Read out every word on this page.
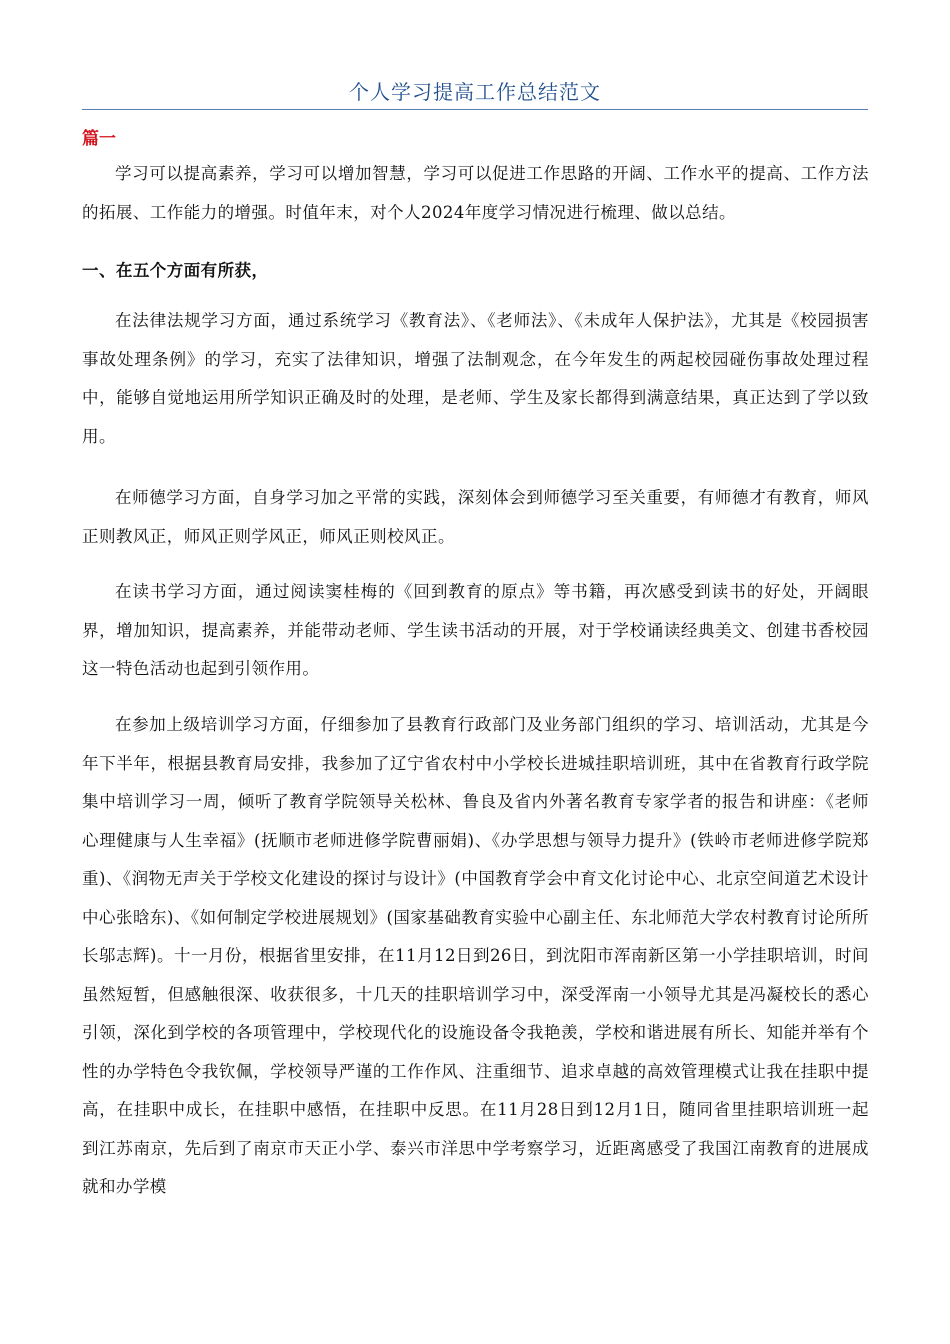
个人学习提高工作总结范文
篇一

学习可以提高素养，学习可以增加智慧，学习可以促进工作思路的开阔、工作水平的提高、工作方法的拓展、工作能力的增强。时值年末，对个人2024年度学习情况进行梳理、做以总结。

一、在五个方面有所获，

在法律法规学习方面，通过系统学习《教育法》、《老师法》、《未成年人保护法》，尤其是《校园损害事故处理条例》的学习，充实了法律知识，增强了法制观念，在今年发生的两起校园碰伤事故处理过程中，能够自觉地运用所学知识正确及时的处理，是老师、学生及家长都得到满意结果，真正达到了学以致用。

在师德学习方面，自身学习加之平常的实践，深刻体会到师德学习至关重要，有师德才有教育，师风正则教风正，师风正则学风正，师风正则校风正。

在读书学习方面，通过阅读窦桂梅的《回到教育的原点》等书籍，再次感受到读书的好处，开阔眼界，增加知识，提高素养，并能带动老师、学生读书活动的开展，对于学校诵读经典美文、创建书香校园这一特色活动也起到引领作用。

在参加上级培训学习方面，仔细参加了县教育行政部门及业务部门组织的学习、培训活动，尤其是今年下半年，根据县教育局安排，我参加了辽宁省农村中小学校长进城挂职培训班，其中在省教育行政学院集中培训学习一周，倾听了教育学院领导关松林、鲁良及省内外著名教育专家学者的报告和讲座：《老师心理健康与人生幸福》(抚顺市老师进修学院曹丽娟)、《办学思想与领导力提升》(铁岭市老师进修学院郑重)、《润物无声关于学校文化建设的探讨与设计》(中国教育学会中育文化讨论中心、北京空间道艺术设计中心张晗东)、《如何制定学校进展规划》(国家基础教育实验中心副主任、东北师范大学农村教育讨论所所长邬志辉)。十一月份，根据省里安排，在11月12日到26日，到沈阳市浑南新区第一小学挂职培训，时间虽然短暂，但感触很深、收获很多，十几天的挂职培训学习中，深受浑南一小领导尤其是冯凝校长的悉心引领，深化到学校的各项管理中，学校现代化的设施设备令我艳羡，学校和谐进展有所长、知能并举有个性的办学特色令我钦佩，学校领导严谨的工作作风、注重细节、追求卓越的高效管理模式让我在挂职中提高，在挂职中成长，在挂职中感悟，在挂职中反思。在11月28日到12月1日，随同省里挂职培训班一起到江苏南京，先后到了南京市天正小学、泰兴市洋思中学考察学习，近距离感受了我国江南教育的进展成就和办学模
